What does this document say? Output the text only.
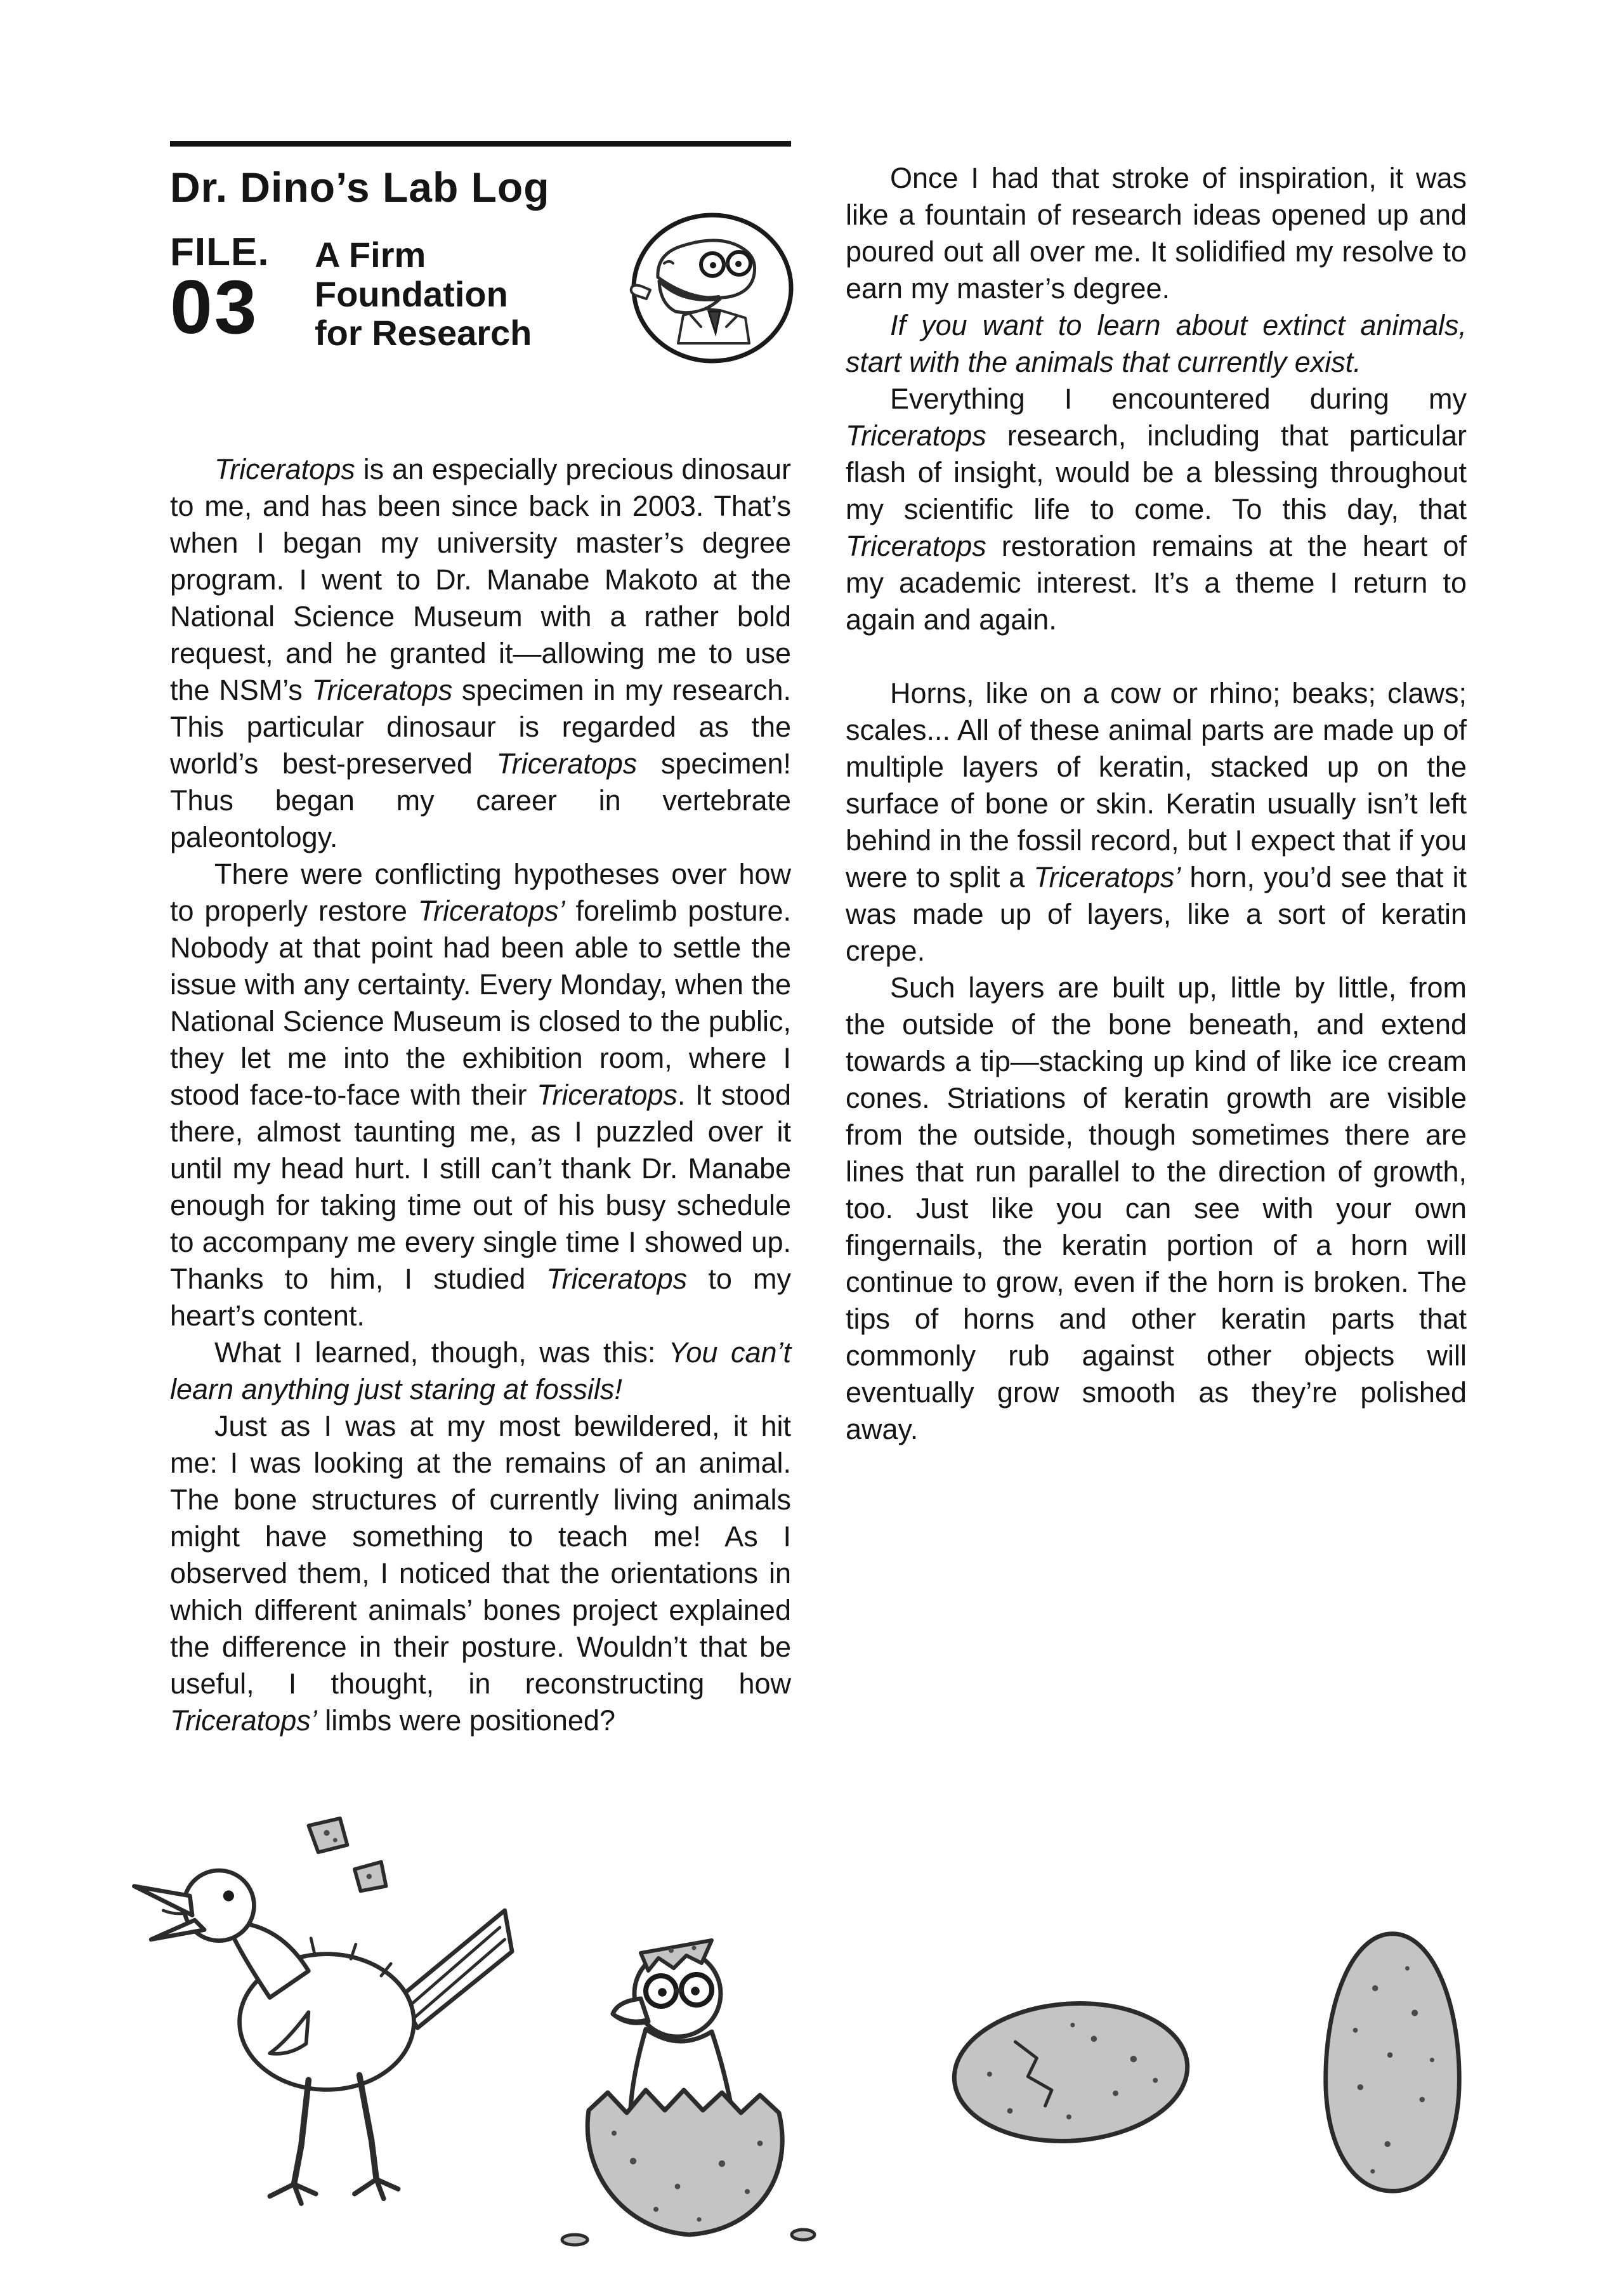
Dr. Dino’s Lab Log
FILE.
03
A Firm
Foundation
for Research

Triceratops is an especially precious dinosaur to me, and has been since back in 2003. That’s when I began my university master’s degree program. I went to Dr. Manabe Makoto at the National Science Museum with a rather bold request, and he granted it—allowing me to use the NSM’s Triceratops specimen in my research. This particular dinosaur is regarded as the world’s best-preserved Triceratops specimen! Thus began my career in vertebrate paleontology.

There were conflicting hypotheses over how to properly restore Triceratops’ forelimb posture. Nobody at that point had been able to settle the issue with any certainty. Every Monday, when the National Science Museum is closed to the public, they let me into the exhibition room, where I stood face-to-face with their Triceratops. It stood there, almost taunting me, as I puzzled over it until my head hurt. I still can’t thank Dr. Manabe enough for taking time out of his busy schedule to accompany me every single time I showed up. Thanks to him, I studied Triceratops to my heart’s content.

What I learned, though, was this: You can’t learn anything just staring at fossils!

Just as I was at my most bewildered, it hit me: I was looking at the remains of an animal. The bone structures of currently living animals might have something to teach me! As I observed them, I noticed that the orientations in which different animals’ bones project explained the difference in their posture. Wouldn’t that be useful, I thought, in reconstructing how Triceratops’ limbs were positioned?

Once I had that stroke of inspiration, it was like a fountain of research ideas opened up and poured out all over me. It solidified my resolve to earn my master’s degree.

If you want to learn about extinct animals, start with the animals that currently exist.

Everything I encountered during my Triceratops research, including that particular flash of insight, would be a blessing throughout my scientific life to come. To this day, that Triceratops restoration remains at the heart of my academic interest. It’s a theme I return to again and again.

Horns, like on a cow or rhino; beaks; claws; scales... All of these animal parts are made up of multiple layers of keratin, stacked up on the surface of bone or skin. Keratin usually isn’t left behind in the fossil record, but I expect that if you were to split a Triceratops’ horn, you’d see that it was made up of layers, like a sort of keratin crepe.

Such layers are built up, little by little, from the outside of the bone beneath, and extend towards a tip—stacking up kind of like ice cream cones. Striations of keratin growth are visible from the outside, though sometimes there are lines that run parallel to the direction of growth, too. Just like you can see with your own fingernails, the keratin portion of a horn will continue to grow, even if the horn is broken. The tips of horns and other keratin parts that commonly rub against other objects will eventually grow smooth as they’re polished away.
